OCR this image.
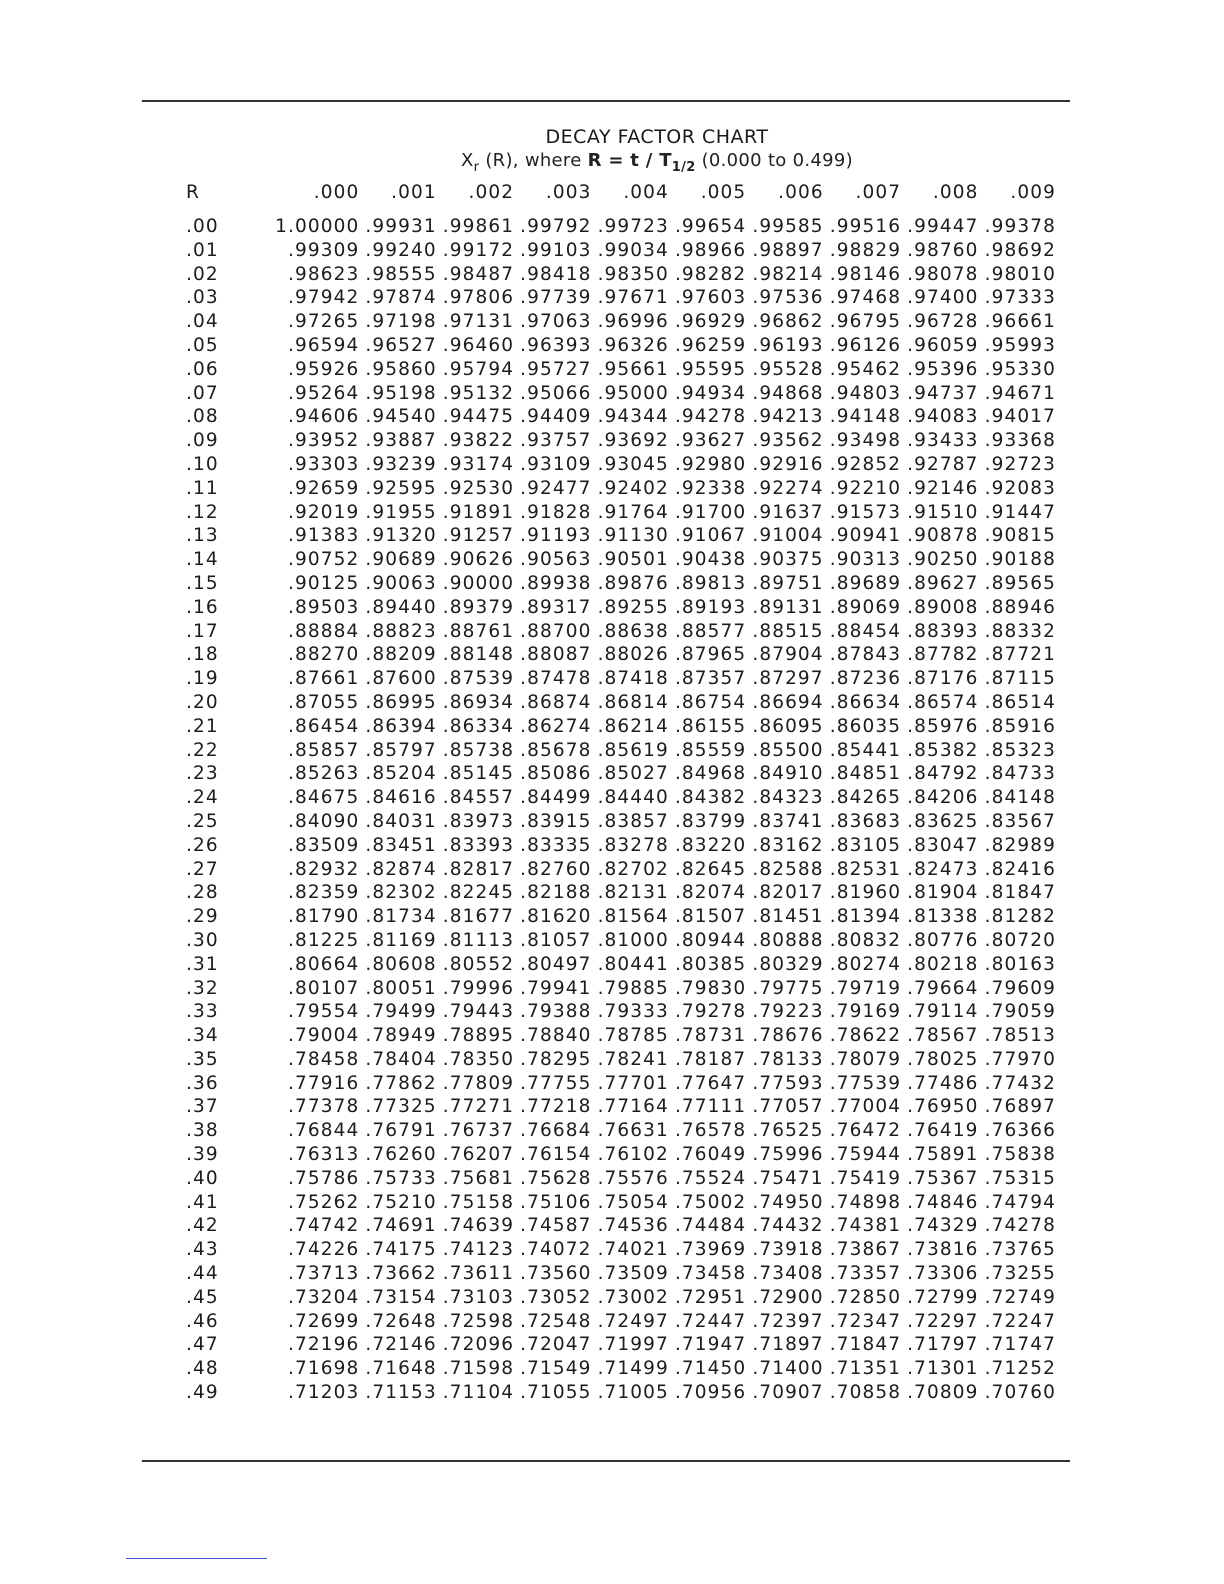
DECAY FACTOR CHART
$X_r$ (R), where $R = t / T_{1/2}$ (0.000 to 0.499)
R	.000	.001	.002	.003	.004	.005	.006	.007	.008	.009

.00	1.00000	.99931	.99861	.99792	.99723	.99654	.99585	.99516	.99447	.99378
.01	.99309	.99240	.99172	.99103	.99034	.98966	.98897	.98829	.98760	.98692
.02	.98623	.98555	.98487	.98418	.98350	.98282	.98214	.98146	.98078	.98010
.03	.97942	.97874	.97806	.97739	.97671	.97603	.97536	.97468	.97400	.97333
.04	.97265	.97198	.97131	.97063	.96996	.96929	.96862	.96795	.96728	.96661
.05	.96594	.96527	.96460	.96393	.96326	.96259	.96193	.96126	.96059	.95993
.06	.95926	.95860	.95794	.95727	.95661	.95595	.95528	.95462	.95396	.95330
.07	.95264	.95198	.95132	.95066	.95000	.94934	.94868	.94803	.94737	.94671
.08	.94606	.94540	.94475	.94409	.94344	.94278	.94213	.94148	.94083	.94017
.09	.93952	.93887	.93822	.93757	.93692	.93627	.93562	.93498	.93433	.93368
.10	.93303	.93239	.93174	.93109	.93045	.92980	.92916	.92852	.92787	.92723
.11	.92659	.92595	.92530	.92477	.92402	.92338	.92274	.92210	.92146	.92083
.12	.92019	.91955	.91891	.91828	.91764	.91700	.91637	.91573	.91510	.91447
.13	.91383	.91320	.91257	.91193	.91130	.91067	.91004	.90941	.90878	.90815
.14	.90752	.90689	.90626	.90563	.90501	.90438	.90375	.90313	.90250	.90188
.15	.90125	.90063	.90000	.89938	.89876	.89813	.89751	.89689	.89627	.89565
.16	.89503	.89440	.89379	.89317	.89255	.89193	.89131	.89069	.89008	.88946
.17	.88884	.88823	.88761	.88700	.88638	.88577	.88515	.88454	.88393	.88332
.18	.88270	.88209	.88148	.88087	.88026	.87965	.87904	.87843	.87782	.87721
.19	.87661	.87600	.87539	.87478	.87418	.87357	.87297	.87236	.87176	.87115
.20	.87055	.86995	.86934	.86874	.86814	.86754	.86694	.86634	.86574	.86514
.21	.86454	.86394	.86334	.86274	.86214	.86155	.86095	.86035	.85976	.85916
.22	.85857	.85797	.85738	.85678	.85619	.85559	.85500	.85441	.85382	.85323
.23	.85263	.85204	.85145	.85086	.85027	.84968	.84910	.84851	.84792	.84733
.24	.84675	.84616	.84557	.84499	.84440	.84382	.84323	.84265	.84206	.84148
.25	.84090	.84031	.83973	.83915	.83857	.83799	.83741	.83683	.83625	.83567
.26	.83509	.83451	.83393	.83335	.83278	.83220	.83162	.83105	.83047	.82989
.27	.82932	.82874	.82817	.82760	.82702	.82645	.82588	.82531	.82473	.82416
.28	.82359	.82302	.82245	.82188	.82131	.82074	.82017	.81960	.81904	.81847
.29	.81790	.81734	.81677	.81620	.81564	.81507	.81451	.81394	.81338	.81282
.30	.81225	.81169	.81113	.81057	.81000	.80944	.80888	.80832	.80776	.80720
.31	.80664	.80608	.80552	.80497	.80441	.80385	.80329	.80274	.80218	.80163
.32	.80107	.80051	.79996	.79941	.79885	.79830	.79775	.79719	.79664	.79609
.33	.79554	.79499	.79443	.79388	.79333	.79278	.79223	.79169	.79114	.79059
.34	.79004	.78949	.78895	.78840	.78785	.78731	.78676	.78622	.78567	.78513
.35	.78458	.78404	.78350	.78295	.78241	.78187	.78133	.78079	.78025	.77970
.36	.77916	.77862	.77809	.77755	.77701	.77647	.77593	.77539	.77486	.77432
.37	.77378	.77325	.77271	.77218	.77164	.77111	.77057	.77004	.76950	.76897
.38	.76844	.76791	.76737	.76684	.76631	.76578	.76525	.76472	.76419	.76366
.39	.76313	.76260	.76207	.76154	.76102	.76049	.75996	.75944	.75891	.75838
.40	.75786	.75733	.75681	.75628	.75576	.75524	.75471	.75419	.75367	.75315
.41	.75262	.75210	.75158	.75106	.75054	.75002	.74950	.74898	.74846	.74794
.42	.74742	.74691	.74639	.74587	.74536	.74484	.74432	.74381	.74329	.74278
.43	.74226	.74175	.74123	.74072	.74021	.73969	.73918	.73867	.73816	.73765
.44	.73713	.73662	.73611	.73560	.73509	.73458	.73408	.73357	.73306	.73255
.45	.73204	.73154	.73103	.73052	.73002	.72951	.72900	.72850	.72799	.72749
.46	.72699	.72648	.72598	.72548	.72497	.72447	.72397	.72347	.72297	.72247
.47	.72196	.72146	.72096	.72047	.71997	.71947	.71897	.71847	.71797	.71747
.48	.71698	.71648	.71598	.71549	.71499	.71450	.71400	.71351	.71301	.71252
.49	.71203	.71153	.71104	.71055	.71005	.70956	.70907	.70858	.70809	.70760
